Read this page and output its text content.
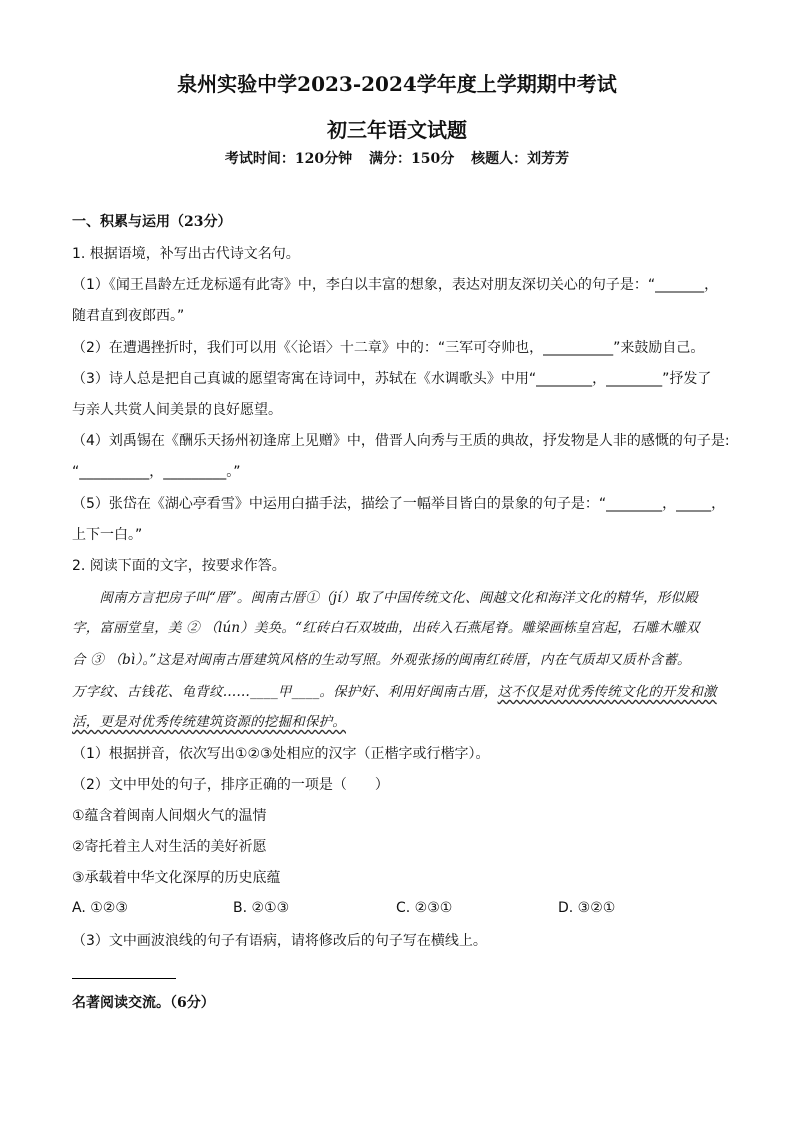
泉州实验中学2023-2024学年度上学期期中考试
初三年语文试题
考试时间：120分钟 满分：150分 核题人：刘芳芳
一、积累与运用（23分）
1. 根据语境，补写出古代诗文名句。
（1）《闻王昌龄左迁龙标遥有此寄》中，李白以丰富的想象，表达对朋友深切关心的句子是：“_______，
随君直到夜郎西。”
（2）在遭遇挫折时，我们可以用《〈论语〉十二章》中的：“三军可夺帅也，__________”来鼓励自己。
（3）诗人总是把自己真诚的愿望寄寓在诗词中，苏轼在《水调歌头》中用“________，________”抒发了
与亲人共赏人间美景的良好愿望。
（4）刘禹锡在《酬乐天扬州初逢席上见赠》中，借晋人向秀与王质的典故，抒发物是人非的感慨的句子是:
“__________，_________。”
（5）张岱在《湖心亭看雪》中运用白描手法，描绘了一幅举目皆白的景象的句子是：“________，_____，
上下一白。”
2. 阅读下面的文字，按要求作答。
　　闽南方言把房子叫“厝”。闽南古厝①（jí）取了中国传统文化、闽越文化和海洋文化的精华，形似殿
字，富丽堂皇，美 ② （lún）美奂。“红砖白石双坡曲，出砖入石燕尾脊。雕梁画栋皇宫起，石雕木雕双
合 ③ （bì）。”这是对闽南古厝建筑风格的生动写照。外观张扬的闽南红砖厝，内在气质却又质朴含蓄。
万字纹、古钱花、龟背纹……____甲____。保护好、利用好闽南古厝，这不仅是对优秀传统文化的开发和激
活，更是对优秀传统建筑资源的挖掘和保护。
（1）根据拼音，依次写出①②③处相应的汉字（正楷字或行楷字）。
（2）文中甲处的句子，排序正确的一项是（　　）
①蕴含着闽南人间烟火气的温情
②寄托着主人对生活的美好祈愿
③承载着中华文化深厚的历史底蕴
A. ①②③	B. ②①③	C. ②③①	D. ③②①
（3）文中画波浪线的句子有语病，请将修改后的句子写在横线上。
名著阅读交流。（6分）
